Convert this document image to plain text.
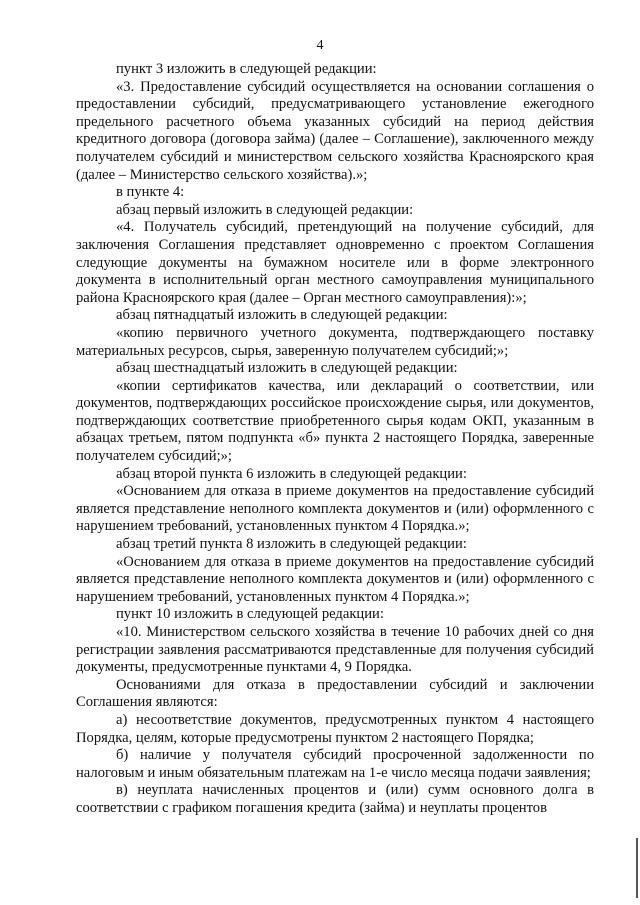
4

пункт 3 изложить в следующей редакции:

«3. Предоставление субсидий осуществляется на основании соглашения о предоставлении субсидий, предусматривающего установление ежегодного предельного расчетного объема указанных субсидий на период действия кредитного договора (договора займа) (далее – Соглашение), заключенного между получателем субсидий и министерством сельского хозяйства Красноярского края (далее – Министерство сельского хозяйства).»;

в пункте 4:

абзац первый изложить в следующей редакции:

«4. Получатель субсидий, претендующий на получение субсидий, для заключения Соглашения представляет одновременно с проектом Соглашения следующие документы на бумажном носителе или в форме электронного документа в исполнительный орган местного самоуправления муниципального района Красноярского края (далее – Орган местного самоуправления):»;

абзац пятнадцатый изложить в следующей редакции:

«копию первичного учетного документа, подтверждающего поставку материальных ресурсов, сырья, заверенную получателем субсидий;»;

абзац шестнадцатый изложить в следующей редакции:

«копии сертификатов качества, или деклараций о соответствии, или документов, подтверждающих российское происхождение сырья, или документов, подтверждающих соответствие приобретенного сырья кодам ОКП, указанным в абзацах третьем, пятом подпункта «б» пункта 2 настоящего Порядка, заверенные получателем субсидий;»;

абзац второй пункта 6 изложить в следующей редакции:

«Основанием для отказа в приеме документов на предоставление субсидий является представление неполного комплекта документов и (или) оформленного с нарушением требований, установленных пунктом 4 Порядка.»;

абзац третий пункта 8 изложить в следующей редакции:

«Основанием для отказа в приеме документов на предоставление субсидий является представление неполного комплекта документов и (или) оформленного с нарушением требований, установленных пунктом 4 Порядка.»;

пункт 10 изложить в следующей редакции:

«10. Министерством сельского хозяйства в течение 10 рабочих дней со дня регистрации заявления рассматриваются представленные для получения субсидий документы, предусмотренные пунктами 4, 9 Порядка.

Основаниями для отказа в предоставлении субсидий и заключении Соглашения являются:

а) несоответствие документов, предусмотренных пунктом 4 настоящего Порядка, целям, которые предусмотрены пунктом 2 настоящего Порядка;

б) наличие у получателя субсидий просроченной задолженности по налоговым и иным обязательным платежам на 1-е число месяца подачи заявления;

в) неуплата начисленных процентов и (или) сумм основного долга в соответствии с графиком погашения кредита (займа) и неуплаты процентов
